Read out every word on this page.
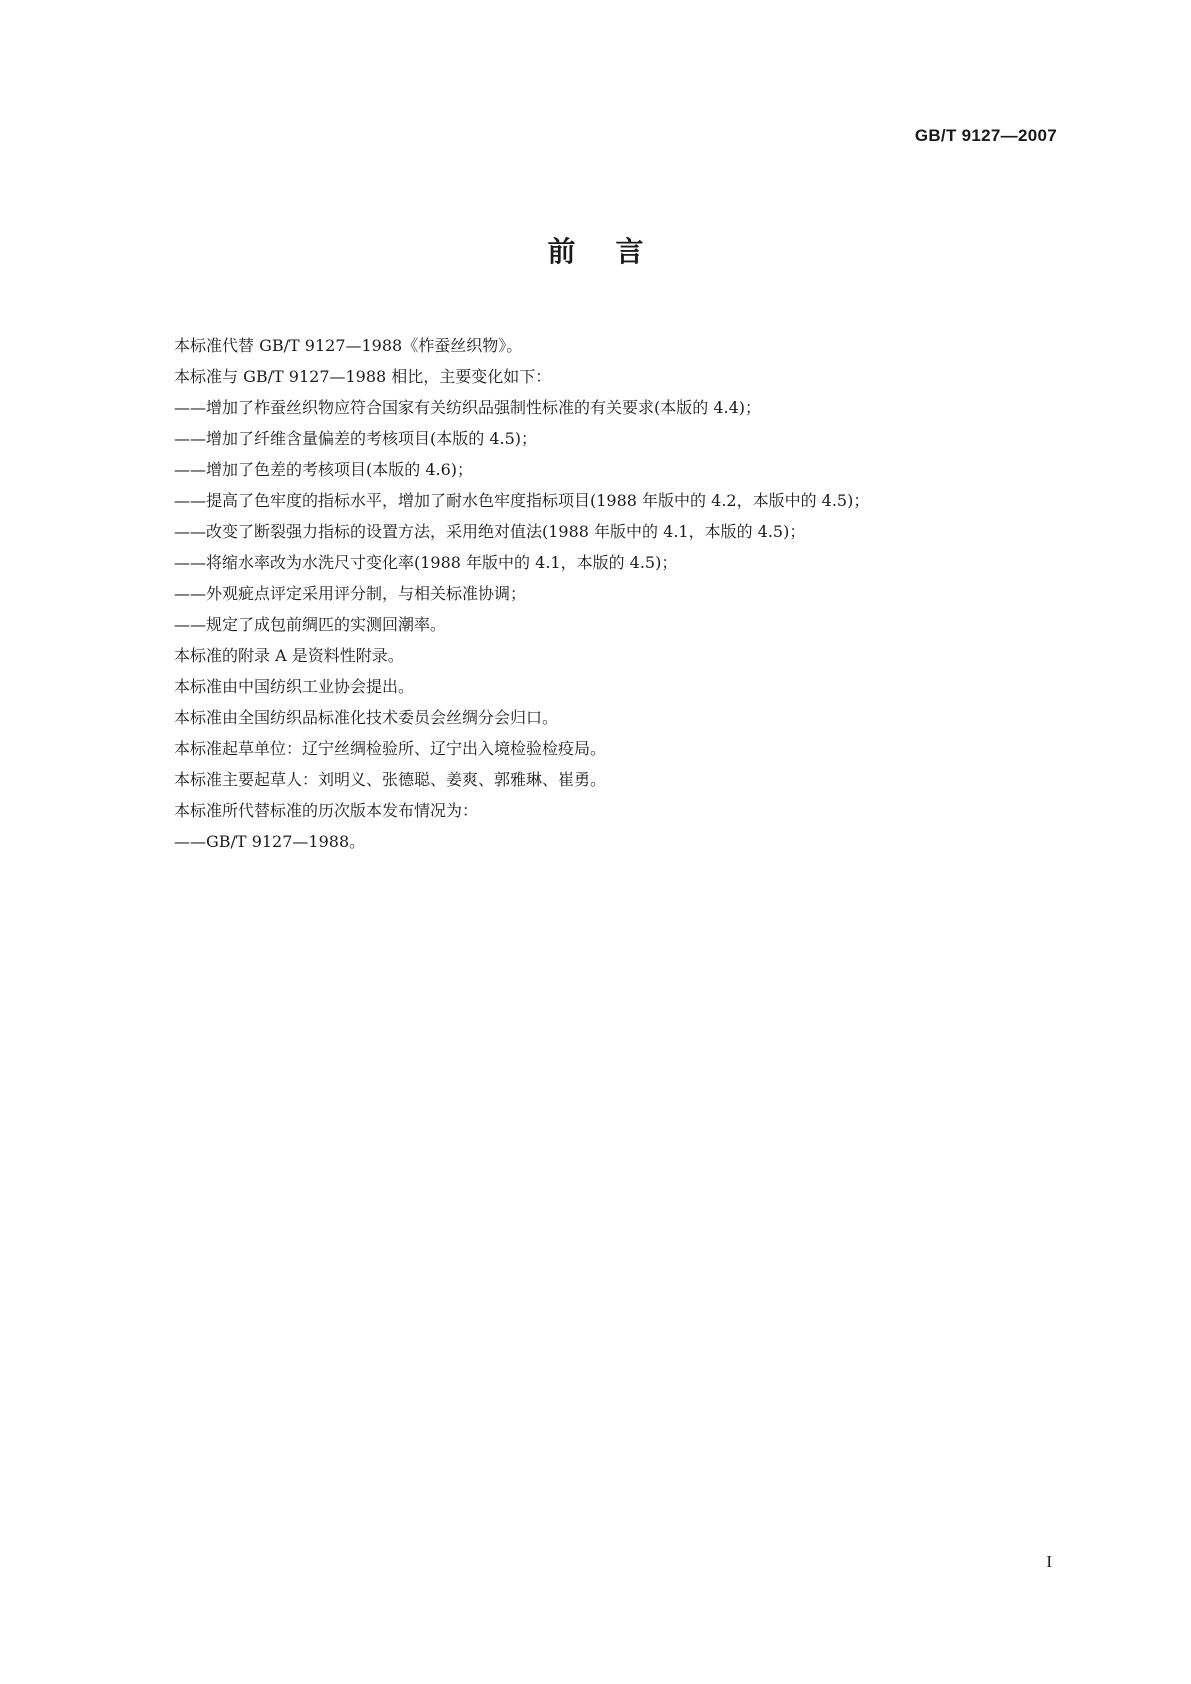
GB/T 9127—2007
前言
本标准代替 GB/T 9127—1988《柞蚕丝织物》。
本标准与 GB/T 9127—1988 相比，主要变化如下：
——增加了柞蚕丝织物应符合国家有关纺织品强制性标准的有关要求(本版的 4.4)；
——增加了纤维含量偏差的考核项目(本版的 4.5)；
——增加了色差的考核项目(本版的 4.6)；
——提高了色牢度的指标水平，增加了耐水色牢度指标项目(1988 年版中的 4.2，本版中的 4.5)；
——改变了断裂强力指标的设置方法，采用绝对值法(1988 年版中的 4.1，本版的 4.5)；
——将缩水率改为水洗尺寸变化率(1988 年版中的 4.1，本版的 4.5)；
——外观疵点评定采用评分制，与相关标准协调；
——规定了成包前绸匹的实测回潮率。
本标准的附录 A 是资料性附录。
本标准由中国纺织工业协会提出。
本标准由全国纺织品标准化技术委员会丝绸分会归口。
本标准起草单位：辽宁丝绸检验所、辽宁出入境检验检疫局。
本标准主要起草人：刘明义、张德聪、姜爽、郭雅琳、崔勇。
本标准所代替标准的历次版本发布情况为：
——GB/T 9127—1988。
I
